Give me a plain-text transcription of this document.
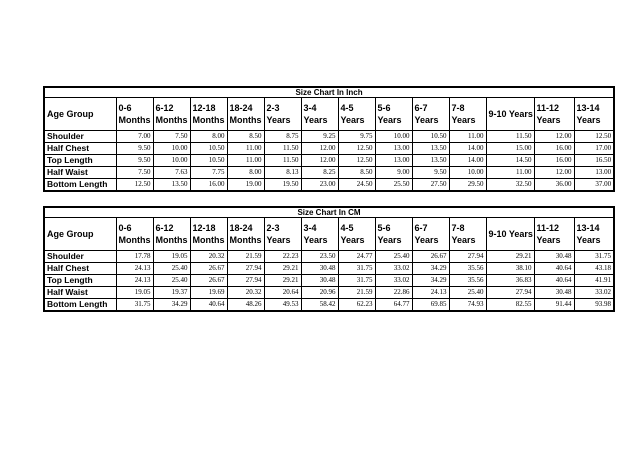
Size Chart In Inch													
Age Group	0-6 Months	6-12 Months	12-18 Months	18-24 Months	2-3 Years	3-4 Years	4-5 Years	5-6 Years	6-7 Years	7-8 Years	9-10 Years	11-12 Years	13-14 Years
Shoulder	7.00	7.50	8.00	8.50	8.75	9.25	9.75	10.00	10.50	11.00	11.50	12.00	12.50
Half Chest	9.50	10.00	10.50	11.00	11.50	12.00	12.50	13.00	13.50	14.00	15.00	16.00	17.00
Top Length	9.50	10.00	10.50	11.00	11.50	12.00	12.50	13.00	13.50	14.00	14.50	16.00	16.50
Half Waist	7.50	7.63	7.75	8.00	8.13	8.25	8.50	9.00	9.50	10.00	11.00	12.00	13.00
Bottom Length	12.50	13.50	16.00	19.00	19.50	23.00	24.50	25.50	27.50	29.50	32.50	36.00	37.00
Size Chart In CM													
Age Group	0-6 Months	6-12 Months	12-18 Months	18-24 Months	2-3 Years	3-4 Years	4-5 Years	5-6 Years	6-7 Years	7-8 Years	9-10 Years	11-12 Years	13-14 Years
Shoulder	17.78	19.05	20.32	21.59	22.23	23.50	24.77	25.40	26.67	27.94	29.21	30.48	31.75
Half Chest	24.13	25.40	26.67	27.94	29.21	30.48	31.75	33.02	34.29	35.56	38.10	40.64	43.18
Top Length	24.13	25.40	26.67	27.94	29.21	30.48	31.75	33.02	34.29	35.56	36.83	40.64	41.91
Half Waist	19.05	19.37	19.69	20.32	20.64	20.96	21.59	22.86	24.13	25.40	27.94	30.48	33.02
Bottom Length	31.75	34.29	40.64	48.26	49.53	58.42	62.23	64.77	69.85	74.93	82.55	91.44	93.98
